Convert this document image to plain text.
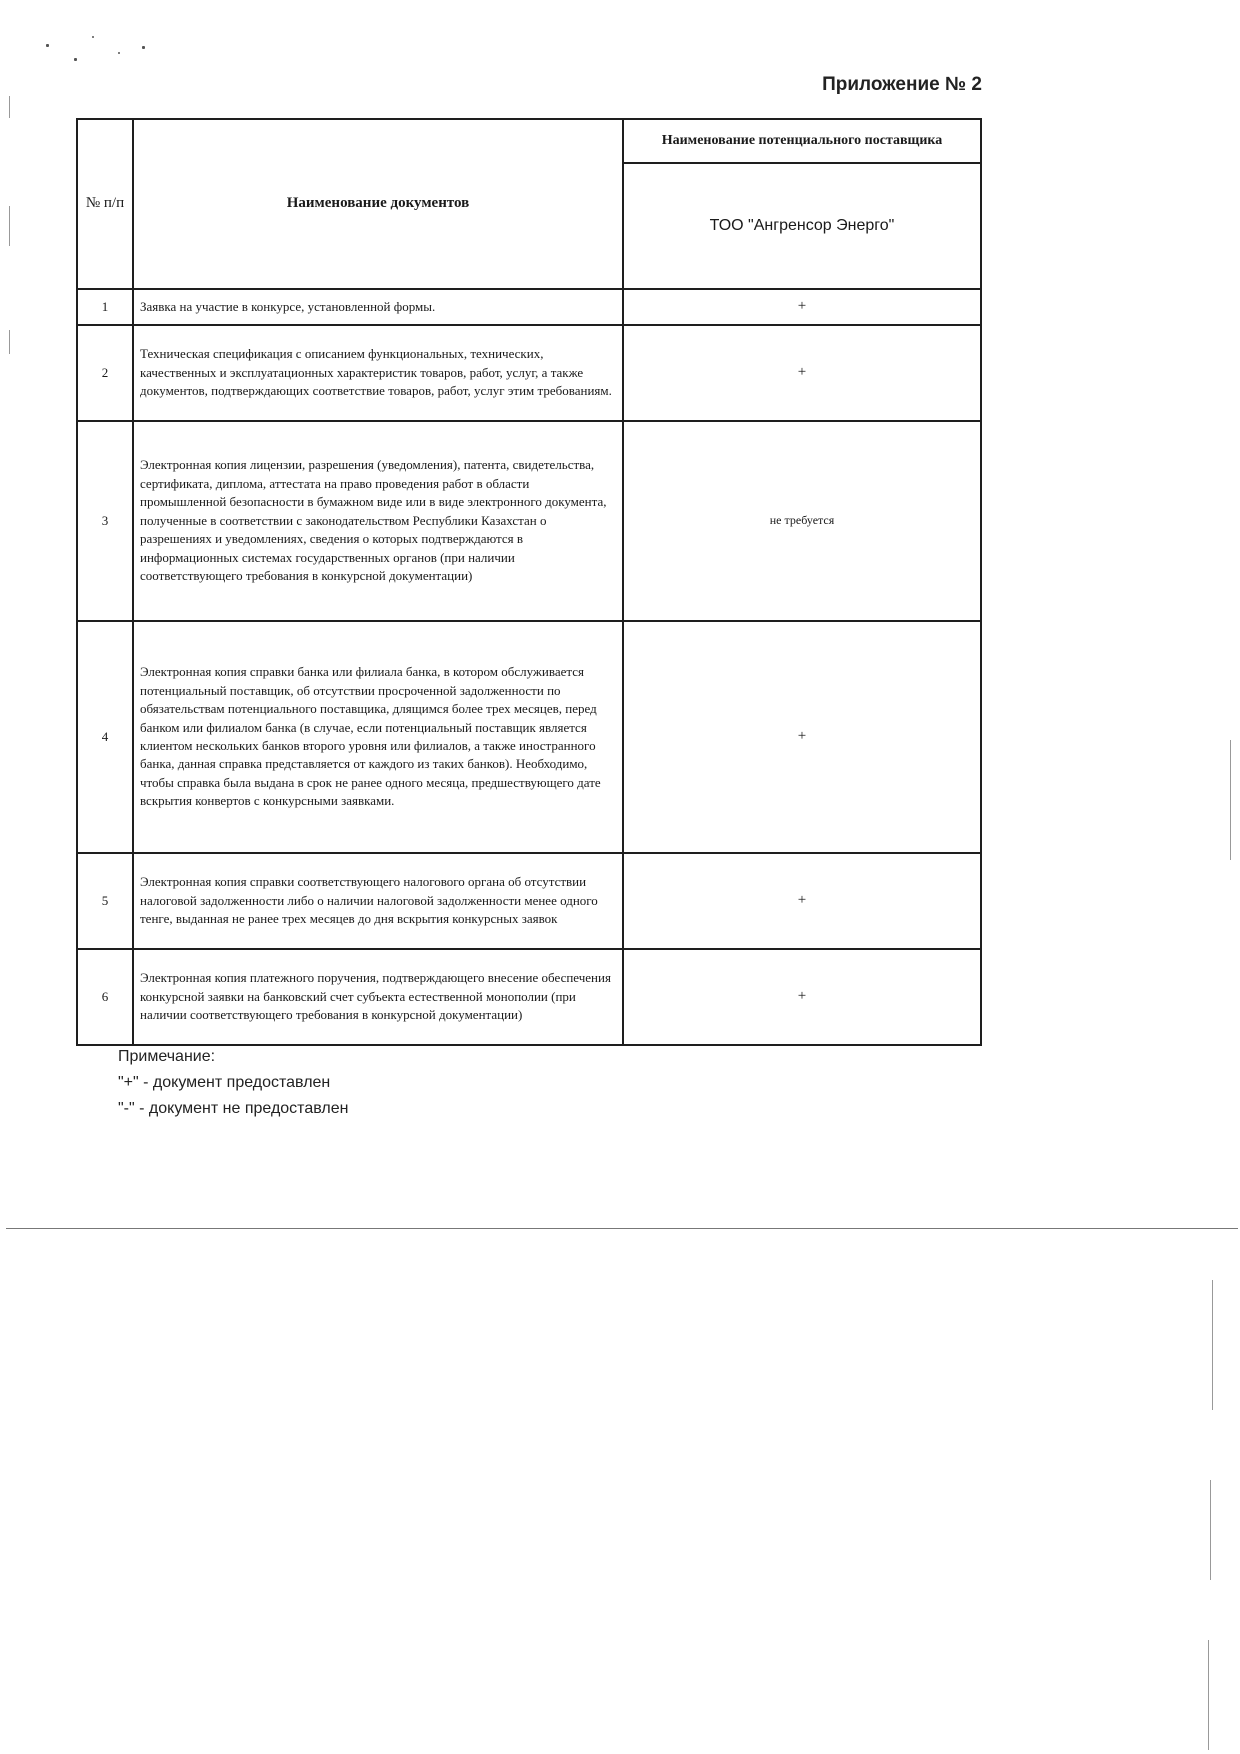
Приложение № 2
№ п/п	Наименование документов	Наименование потенциального поставщика
		ТОО "Ангренсор Энерго"
1	Заявка на участие в конкурсе, установленной формы.	+
2	Техническая спецификация с описанием функциональных, технических, качественных и эксплуатационных характеристик товаров, работ, услуг, а также документов, подтверждающих соответствие товаров, работ, услуг этим требованиям.	+
3	Электронная копия лицензии, разрешения (уведомления), патента, свидетельства, сертификата, диплома, аттестата на право проведения работ в области промышленной безопасности в бумажном виде или в виде электронного документа, полученные в соответствии с законодательством Республики Казахстан о разрешениях и уведомлениях, сведения о которых подтверждаются в информационных системах государственных органов (при наличии соответствующего требования в конкурсной документации)	не требуется
4	Электронная копия справки банка или филиала банка, в котором обслуживается потенциальный поставщик, об отсутствии просроченной задолженности по обязательствам потенциального поставщика, длящимся более трех месяцев, перед банком или филиалом банка (в случае, если потенциальный поставщик является клиентом нескольких банков второго уровня или филиалов, а также иностранного банка, данная справка представляется от каждого из таких банков). Необходимо, чтобы справка была выдана в срок не ранее одного месяца, предшествующего дате вскрытия конвертов с конкурсными заявками.	+
5	Электронная копия справки соответствующего налогового органа об отсутствии налоговой задолженности либо о наличии налоговой задолженности менее одного тенге, выданная не ранее трех месяцев до дня вскрытия конкурсных заявок	+
6	Электронная копия платежного поручения, подтверждающего внесение обеспечения конкурсной заявки на банковский счет субъекта естественной монополии (при наличии соответствующего требования в конкурсной документации)	+
Примечание:
"+" - документ предоставлен
"-" - документ не предоставлен
